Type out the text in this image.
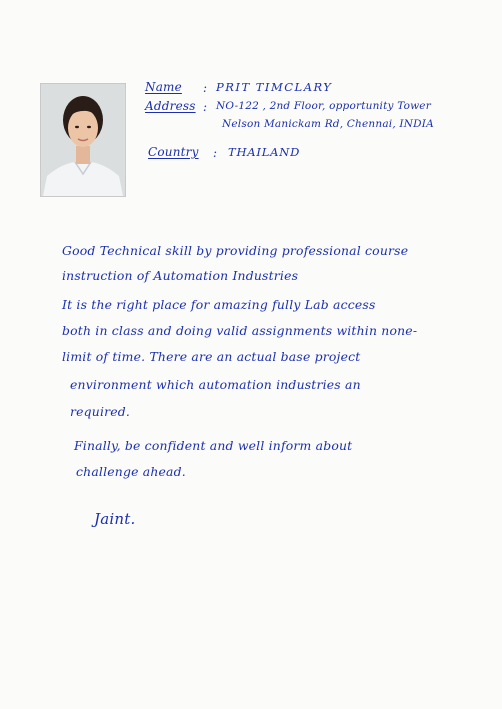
Name : PRIT TIMCLARY
Address : NO-122 , 2nd Floor, opportunity Tower
Nelson Manickam Rd, Chennai, INDIA
Country : THAILAND
Good Technical skill by providing professional course
instruction of Automation Industries
It is the right place for amazing fully Lab access
both in class and doing valid assignments within none-
limit of time. There are an actual base project
environment which automation industries an
required.
Finally, be confident and well inform about
challenge ahead.
Jaint.
